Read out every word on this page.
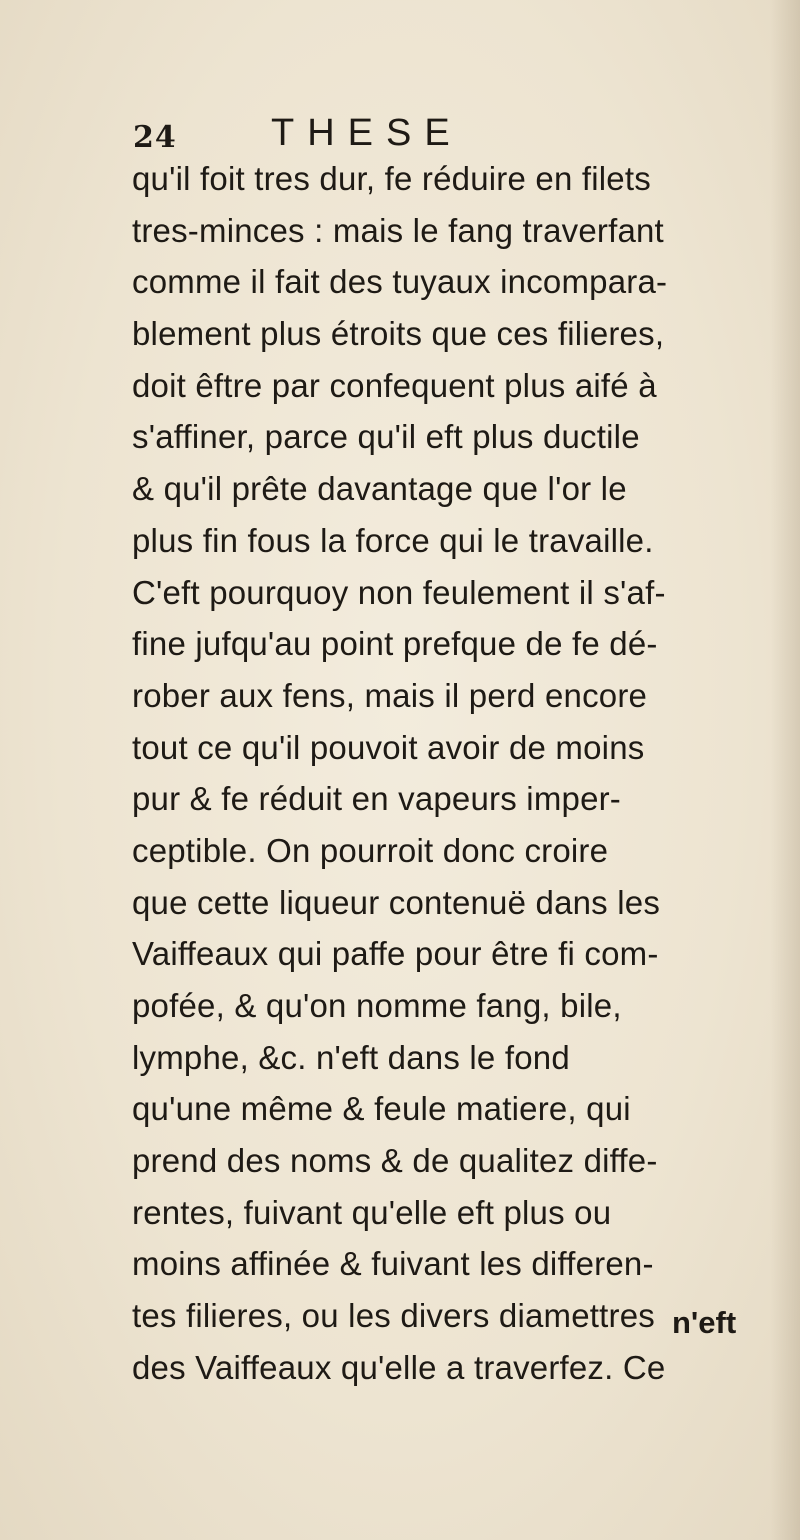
24 THESE
qu'il foit tres dur, fe réduire en filets
tres-minces : mais le fang traverfant
comme il fait des tuyaux incompara-
blement plus étroits que ces filieres,
doit êftre par confequent plus aifé à
s'affiner, parce qu'il eft plus ductile
& qu'il prête davantage que l'or le
plus fin fous la force qui le travaille.
C'eft pourquoy non feulement il s'af-
fine jufqu'au point prefque de fe dé-
rober aux fens, mais il perd encore
tout ce qu'il pouvoit avoir de moins
pur & fe réduit en vapeurs imper-
ceptible. On pourroit donc croire
que cette liqueur contenuë dans les
Vaiffeaux qui paffe pour être fi com-
pofée, & qu'on nomme fang, bile,
lymphe, &c. n'eft dans le fond
qu'une même & feule matiere, qui
prend des noms & de qualitez diffe-
rentes, fuivant qu'elle eft plus ou
moins affinée & fuivant les differen-
tes filieres, ou les divers diamettres
des Vaiffeaux qu'elle a traverfez. Ce
n'eft
